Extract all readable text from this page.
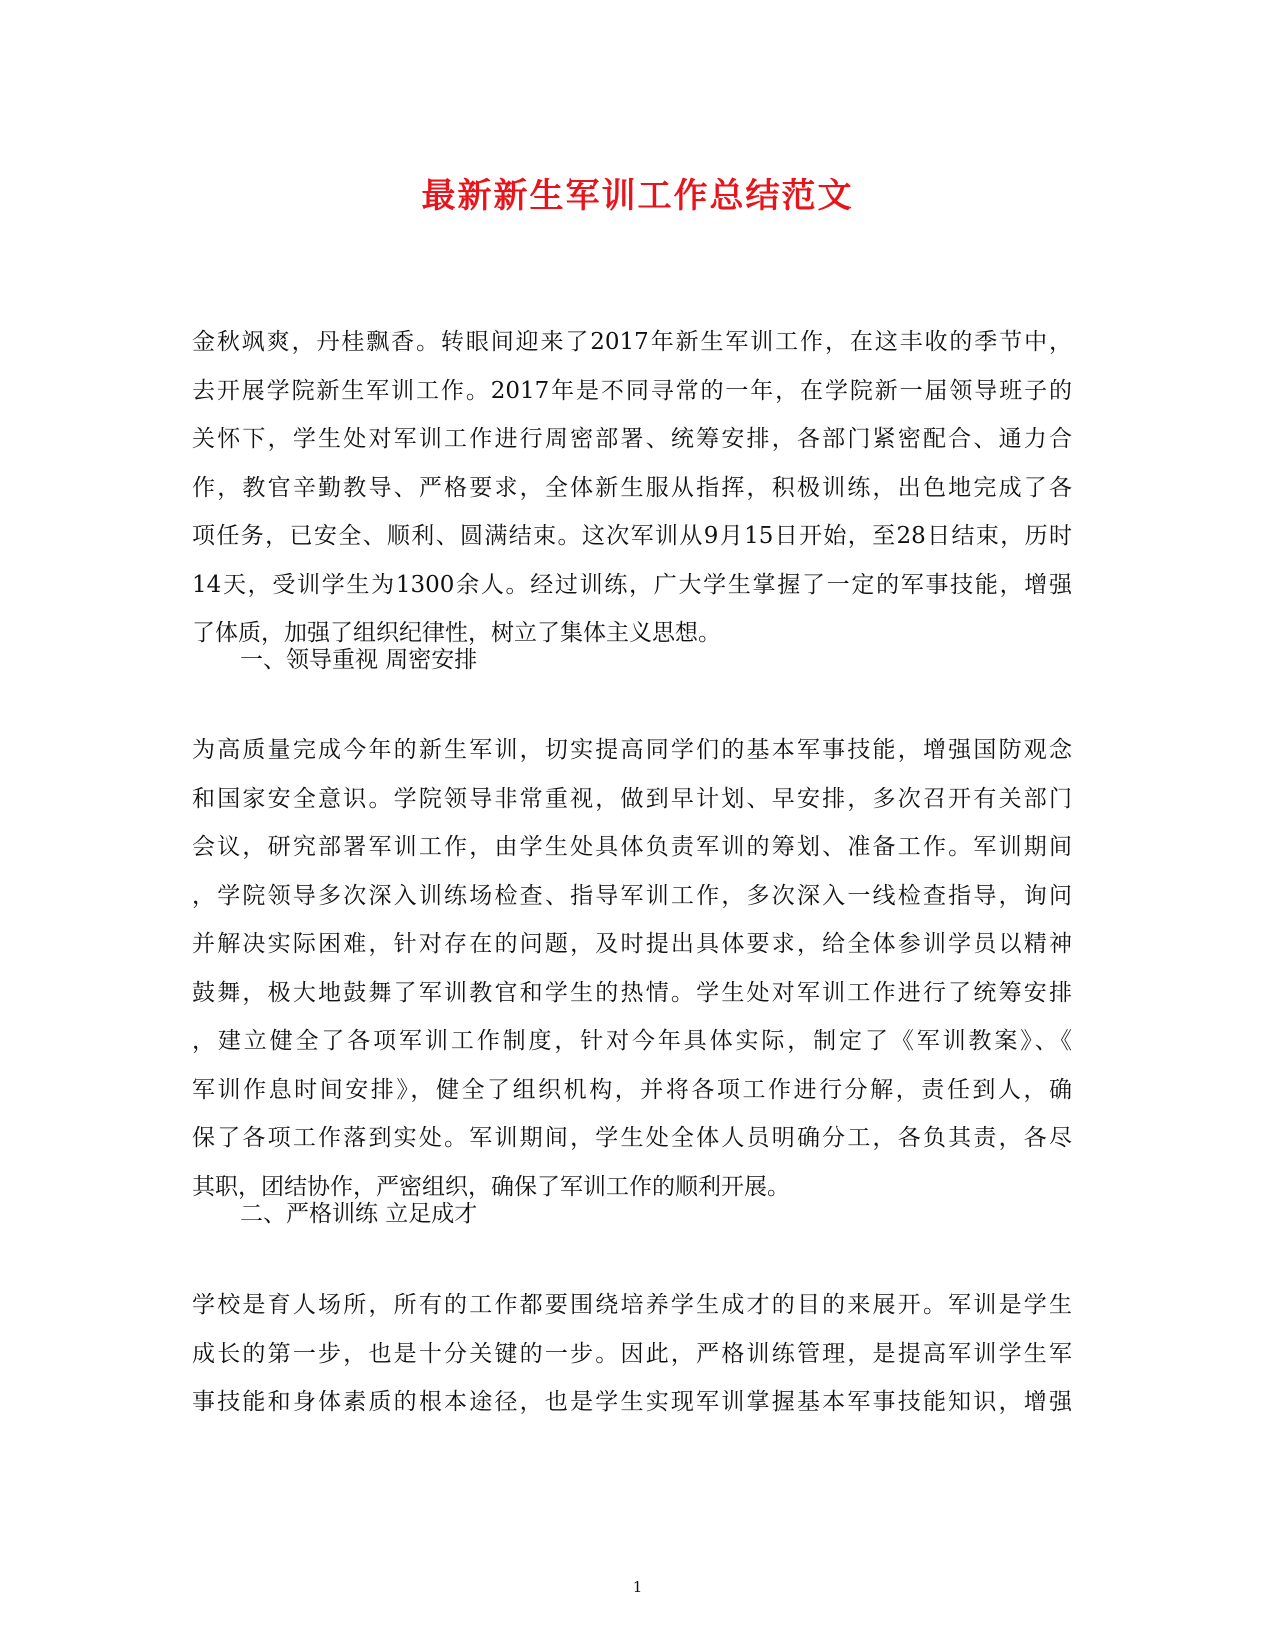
最新新生军训工作总结范文
金秋飒爽，丹桂飘香。转眼间迎来了2017年新生军训工作，在这丰收的季节中，
去开展学院新生军训工作。2017年是不同寻常的一年，在学院新一届领导班子的
关怀下，学生处对军训工作进行周密部署、统筹安排，各部门紧密配合、通力合
作，教官辛勤教导、严格要求，全体新生服从指挥，积极训练，出色地完成了各
项任务，已安全、顺利、圆满结束。这次军训从9月15日开始，至28日结束，历时
14天，受训学生为1300余人。经过训练，广大学生掌握了一定的军事技能，增强
了体质，加强了组织纪律性，树立了集体主义思想。
一、领导重视 周密安排
为高质量完成今年的新生军训，切实提高同学们的基本军事技能，增强国防观念
和国家安全意识。学院领导非常重视，做到早计划、早安排，多次召开有关部门
会议，研究部署军训工作，由学生处具体负责军训的筹划、准备工作。军训期间
，学院领导多次深入训练场检查、指导军训工作，多次深入一线检查指导，询问
并解决实际困难，针对存在的问题，及时提出具体要求，给全体参训学员以精神
鼓舞，极大地鼓舞了军训教官和学生的热情。学生处对军训工作进行了统筹安排
，建立健全了各项军训工作制度，针对今年具体实际，制定了《军训教案》、《
军训作息时间安排》，健全了组织机构，并将各项工作进行分解，责任到人，确
保了各项工作落到实处。军训期间，学生处全体人员明确分工，各负其责，各尽
其职，团结协作，严密组织，确保了军训工作的顺利开展。
二、严格训练 立足成才
学校是育人场所，所有的工作都要围绕培养学生成才的目的来展开。军训是学生
成长的第一步，也是十分关键的一步。因此，严格训练管理，是提高军训学生军
事技能和身体素质的根本途径，也是学生实现军训掌握基本军事技能知识，增强
1
